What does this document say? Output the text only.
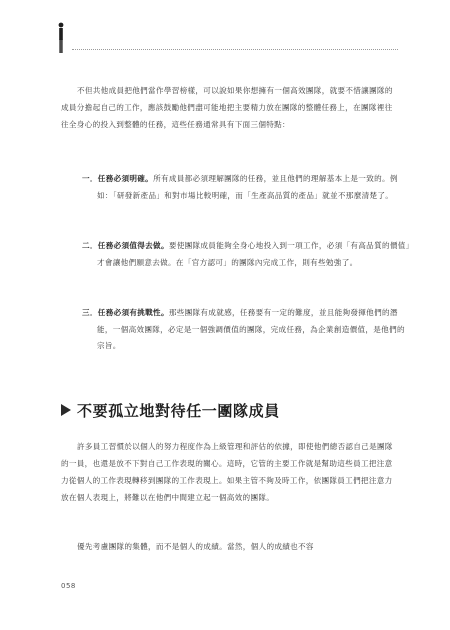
不但共他成員把他們當作學習榜樣，可以說如果你想擁有一個高效團隊，就要不惜讓團隊的成員分擔起自己的工作，應該鼓勵他們盡可能地把主要精力放在團隊的整體任務上，在團隊裡往往全身心的投入到整體的任務，這些任務通常具有下面三個特點：

一．任務必須明確。所有成員都必須理解團隊的任務，並且他們的理解基本上是一致的。例如：「研發新產品」和對市場比較明確，而「生產高品質的產品」就並不那麼清楚了。

二．任務必須值得去做。要使團隊成員能夠全身心地投入到一項工作，必須「有高品質的價值」才會讓他們願意去做。在「官方認可」的團隊內完成工作，則有些勉強了。

三．任務必須有挑戰性。那些團隊有成就感，任務要有一定的難度，並且能夠發揮他們的潛能，一個高效團隊，必定是一個強調價值的團隊，完成任務，為企業創造價值，是他們的宗旨。

不要孤立地對待任一團隊成員

許多員工習慣於以個人的努力程度作為上級管理和評估的依據，即使他們總否認自己是團隊的一員，也還是放不下對自己工作表現的關心。這時，它管的主要工作就是幫助這些員工把注意力從個人的工作表現轉移到團隊的工作表現上。如果主管不夠及時工作，依團隊員工們把注意力放在個人表現上，將難以在他們中間建立起一個高效的團隊。

優先考慮團隊的集體，而不是個人的成績。當然，個人的成績也不容

058
